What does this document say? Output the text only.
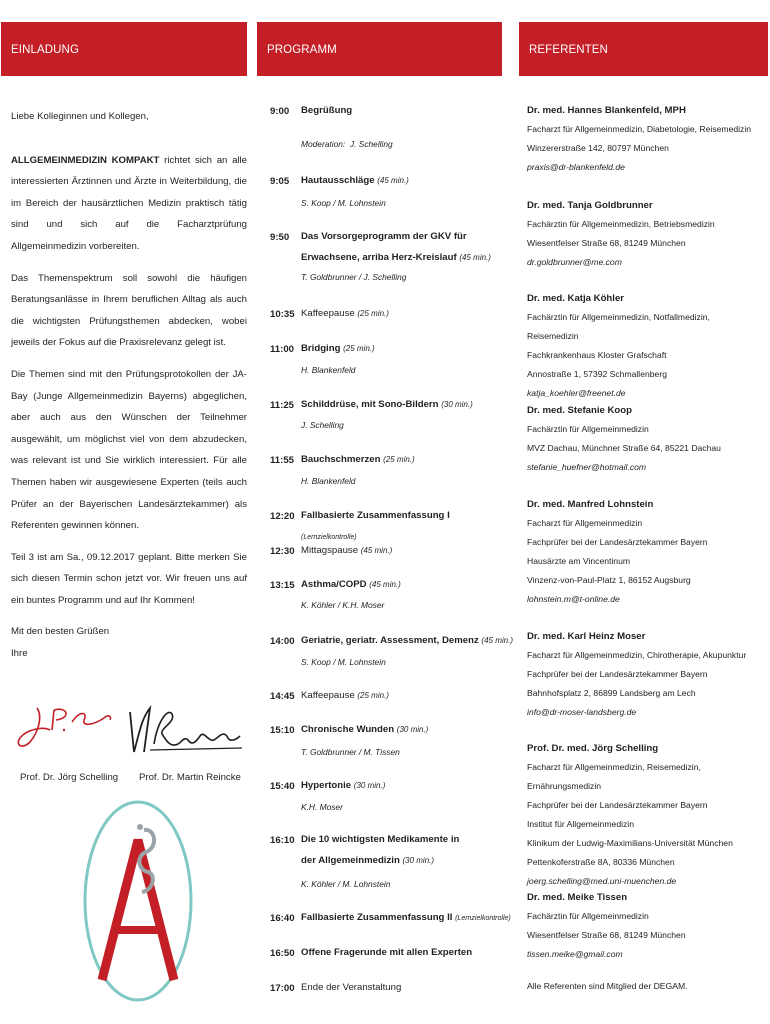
EINLADUNG	PROGRAMM	REFERENTEN

Liebe Kolleginnen und Kollegen,

ALLGEMEINMEDIZIN KOMPAKT richtet sich an alle interessierten Ärztinnen und Ärzte in Weiterbildung, die im Bereich der hausärztlichen Medizin praktisch tätig sind und sich auf die Facharztprüfung Allgemeinmedizin vorbereiten.

Das Themenspektrum soll sowohl die häufigen Beratungsanlässe in Ihrem beruflichen Alltag als auch die wichtigsten Prüfungsthemen abdecken, wobei jeweils der Fokus auf die Praxisrelevanz gelegt ist.

Die Themen sind mit den Prüfungsprotokollen der JA-Bay (Junge Allgemeinmedizin Bayerns) abgeglichen, aber auch aus den Wünschen der Teilnehmer ausgewählt, um möglichst viel von dem abzudecken, was relevant ist und Sie wirklich interessiert. Für alle Themen haben wir ausgewiesene Experten (teils auch Prüfer an der Bayerischen Landesärztekammer) als Referenten gewinnen können.

Teil 3 ist am Sa., 09.12.2017 geplant. Bitte merken Sie sich diesen Termin schon jetzt vor. Wir freuen uns auf ein buntes Programm und auf Ihr Kommen!

Mit den besten Grüßen

Ihre

Prof. Dr. Jörg Schelling Prof. Dr. Martin Reincke
9:00 Begrüßung
Moderation: J. Schelling
9:05 Hautausschläge (45 min.)
S. Koop / M. Lohnstein
9:50 Das Vorsorgeprogramm der GKV für Erwachsene, arriba Herz-Kreislauf (45 min.)
T. Goldbrunner / J. Schelling
10:35 Kaffeepause (25 min.)
11:00 Bridging (25 min.)
H. Blankenfeld
11:25 Schilddrüse, mit Sono-Bildern (30 min.)
J. Schelling
11:55 Bauchschmerzen (25 min.)
H. Blankenfeld
12:20 Fallbasierte Zusammenfassung I (Lernzielkontrolle)
12:30 Mittagspause (45 min.)
13:15 Asthma/COPD (45 min.)
K. Köhler / K.H. Moser
14:00 Geriatrie, geriatr. Assessment, Demenz (45 min.)
S. Koop / M. Lohnstein
14:45 Kaffeepause (25 min.)
15:10 Chronische Wunden (30 min.)
T. Goldbrunner / M. Tissen
15:40 Hypertonie (30 min.)
K.H. Moser
16:10 Die 10 wichtigsten Medikamente in der Allgemeinmedizin (30 min.)
K. Köhler / M. Lohnstein
16:40 Fallbasierte Zusammenfassung II (Lernzielkontrolle)
16:50 Offene Fragerunde mit allen Experten
17:00 Ende der Veranstaltung
Dr. med. Hannes Blankenfeld, MPH
Facharzt für Allgemeinmedizin, Diabetologie, Reisemedizin
Winzererstraße 142, 80797 München
praxis@dr-blankenfeld.de
Dr. med. Tanja Goldbrunner
Fachärztin für Allgemeinmedizin, Betriebsmedizin
Wiesentfelser Straße 68, 81249 München
dr.goldbrunner@me.com
Dr. med. Katja Köhler
Fachärztin für Allgemeinmedizin, Notfallmedizin, Reisemedizin
Fachkrankenhaus Kloster Grafschaft
Annostraße 1, 57392 Schmallenberg
katja_koehler@freenet.de
Dr. med. Stefanie Koop
Fachärztin für Allgemeinmedizin
MVZ Dachau, Münchner Straße 64, 85221 Dachau
stefanie_huefner@hotmail.com
Dr. med. Manfred Lohnstein
Facharzt für Allgemeinmedizin
Fachprüfer bei der Landesärztekammer Bayern
Hausärzte am Vincentinum
Vinzenz-von-Paul-Platz 1, 86152 Augsburg
lohnstein.m@t-online.de
Dr. med. Karl Heinz Moser
Facharzt für Allgemeinmedizin, Chirotherapie, Akupunktur
Fachprüfer bei der Landesärztekammer Bayern
Bahnhofsplatz 2, 86899 Landsberg am Lech
info@dr-moser-landsberg.de
Prof. Dr. med. Jörg Schelling
Facharzt für Allgemeinmedizin, Reisemedizin, Ernährungsmedizin
Fachprüfer bei der Landesärztekammer Bayern
Institut für Allgemeinmedizin
Klinikum der Ludwig-Maximilians-Universität München
Pettenkoferstraße 8A, 80336 München
joerg.schelling@med.uni-muenchen.de
Dr. med. Meike Tissen
Fachärztin für Allgemeinmedizin
Wiesentfelser Straße 68, 81249 München
tissen.meike@gmail.com
Alle Referenten sind Mitglied der DEGAM.
